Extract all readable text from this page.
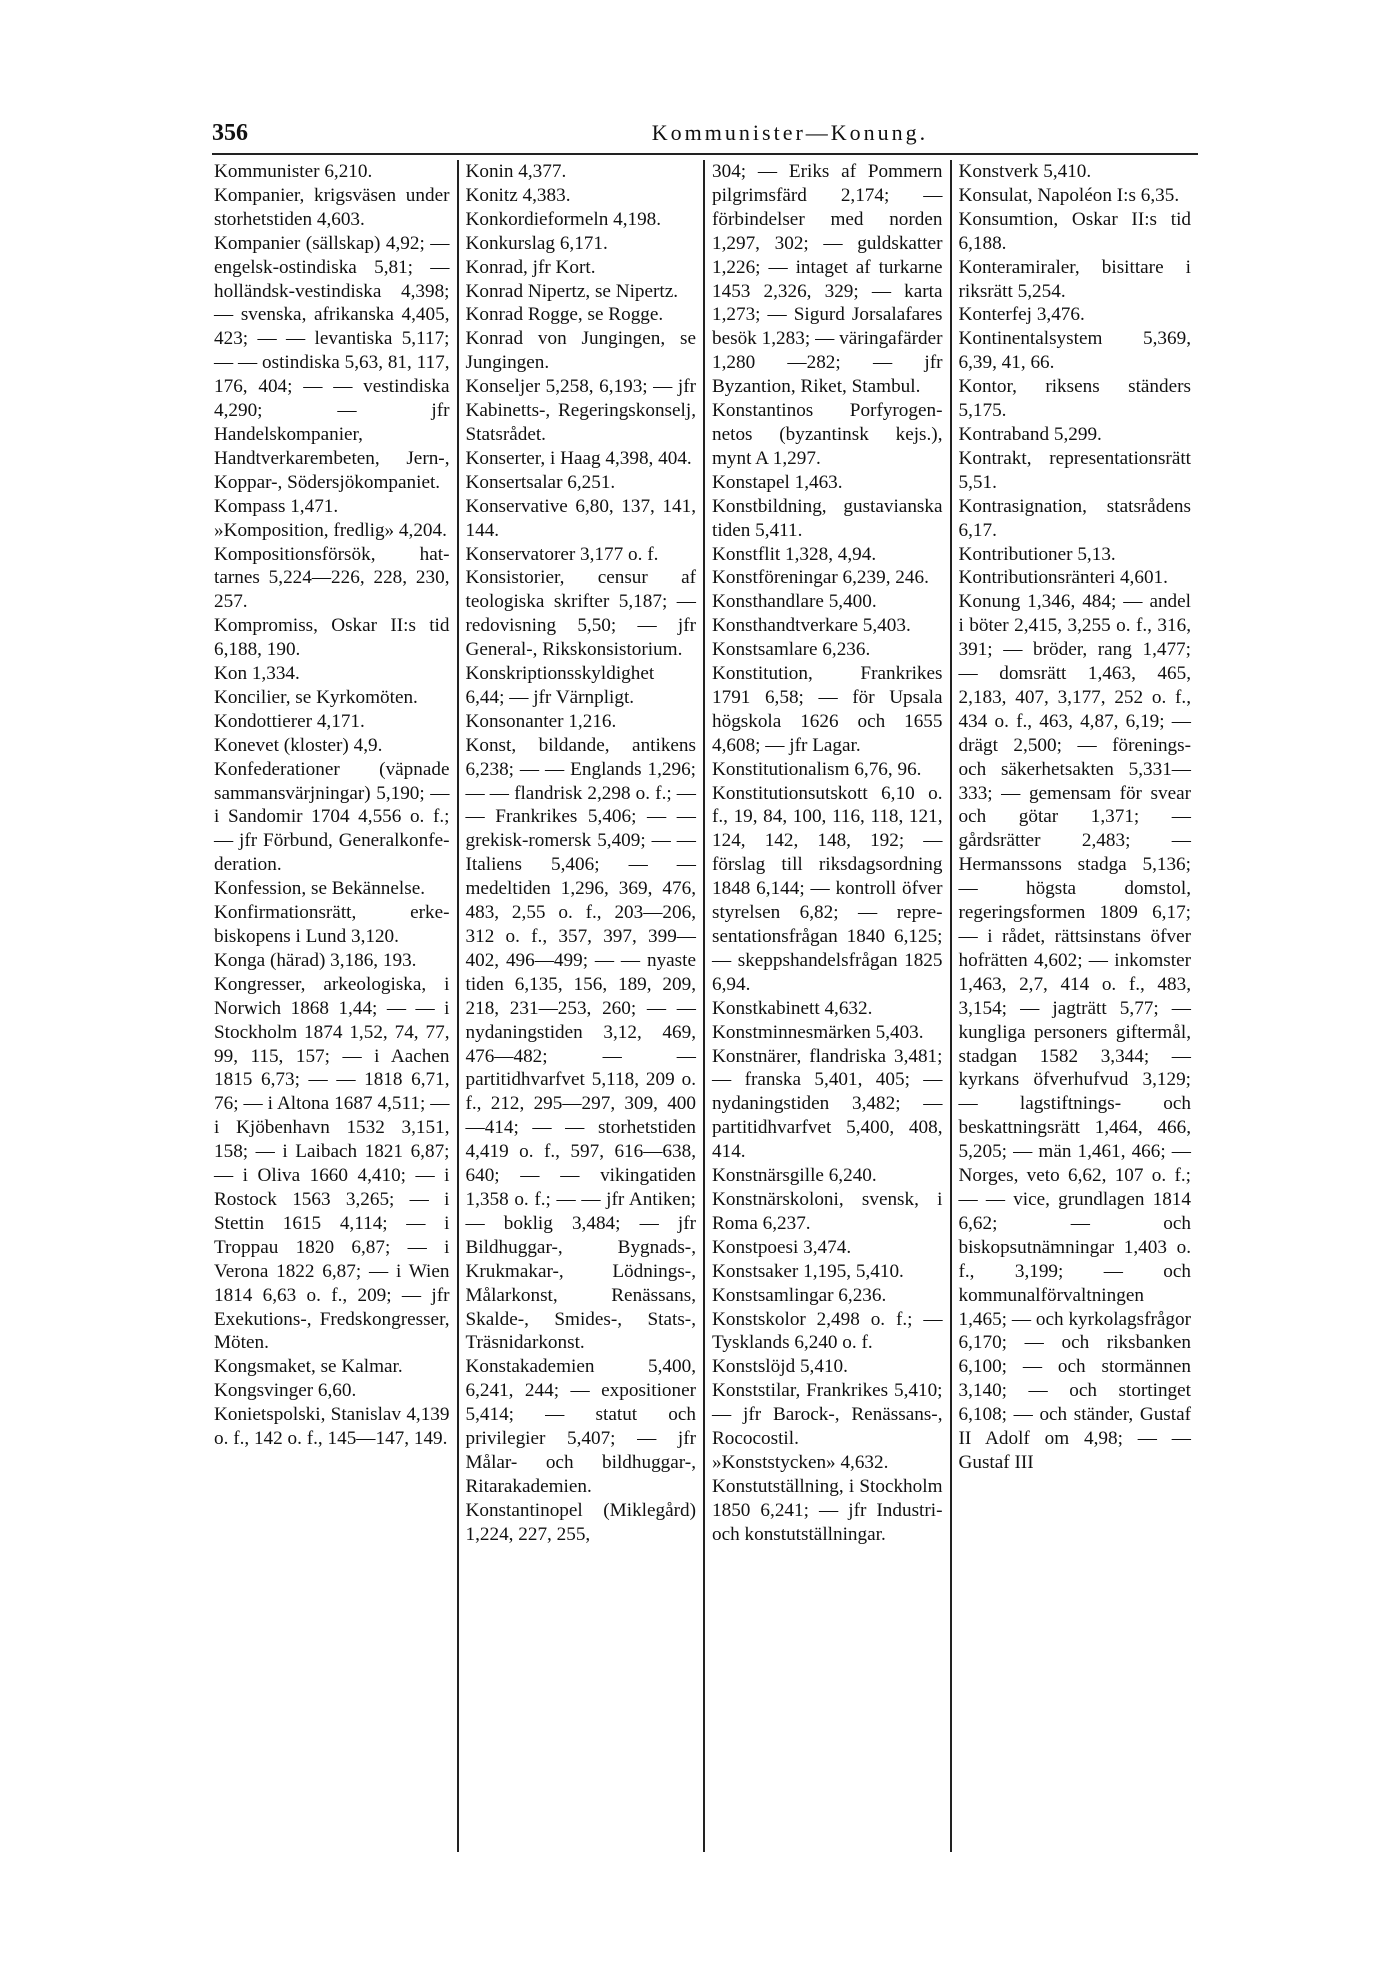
356	Kommunister—Konung.

Kommunister 6,210.

Kompanier, krigsväsen under storhetstiden 4,603.

Kompanier (sällskap) 4,92; — engelsk-ostindiska 5,81; — holländsk-vestindiska 4,398; — svenska, afrikanska 4,405, 423; — — levantiska 5,117; — — ostindiska 5,63, 81, 117, 176, 404; — — vestindiska 4,290; — jfr Handelskompanier, Handtverkarembeten, Jern-, Koppar-, Södersjökompaniet.

Kompass 1,471.

»Komposition, fredlig» 4,204.

Kompositionsförsök, hattarnes 5,224—226, 228, 230, 257.

Kompromiss, Oskar II:s tid 6,188, 190.

Kon 1,334.

Koncilier, se Kyrkomöten.

Kondottierer 4,171.

Konevet (kloster) 4,9.

Konfederationer (väpnade sammansvärjningar) 5,190; — i Sandomir 1704 4,556 o. f.; — jfr Förbund, Generalkonfederation.

Konfession, se Bekännelse.

Konfirmationsrätt, erkebiskopens i Lund 3,120.

Konga (härad) 3,186, 193.

Kongresser, arkeologiska, i Norwich 1868 1,44; — — i Stockholm 1874 1,52, 74, 77, 99, 115, 157; — i Aachen 1815 6,73; — — 1818 6,71, 76; — i Altona 1687 4,511; — i Kjöbenhavn 1532 3,151, 158; — i Laibach 1821 6,87; — i Oliva 1660 4,410; — i Rostock 1563 3,265; — i Stettin 1615 4,114; — i Troppau 1820 6,87; — i Verona 1822 6,87; — i Wien 1814 6,63 o. f., 209; — jfr Exekutions-, Fredskongresser, Möten.

Kongsmaket, se Kalmar.

Kongsvinger 6,60.

Konietspolski, Stanislav 4,139 o. f., 142 o. f., 145—147, 149.

Konin 4,377.

Konitz 4,383.

Konkordieformeln 4,198.

Konkurslag 6,171.

Konrad, jfr Kort.

Konrad Nipertz, se Nipertz.

Konrad Rogge, se Rogge.

Konrad von Jungingen, se Jungingen.

Konseljer 5,258, 6,193; — jfr Kabinetts-, Regeringskonselj, Statsrådet.

Konserter, i Haag 4,398, 404.

Konsertsalar 6,251.

Konservative 6,80, 137, 141, 144.

Konservatorer 3,177 o. f.

Konsistorier, censur af teologiska skrifter 5,187; — redovisning 5,50; — jfr General-, Rikskonsistorium.

Konskriptionsskyldighet 6,44; — jfr Värnpligt.

Konsonanter 1,216.

Konst, bildande, antikens 6,238; — — Englands 1,296; — — flandrisk 2,298 o. f.; — — Frankrikes 5,406; — — grekisk-romersk 5,409; — — Italiens 5,406; — — medeltiden 1,296, 369, 476, 483, 2,55 o. f., 203—206, 312 o. f., 357, 397, 399—402, 496—499; — — nyaste tiden 6,135, 156, 189, 209, 218, 231—253, 260; — — nydaningstiden 3,12, 469, 476—482; — — partitidhvarfvet 5,118, 209 o. f., 212, 295—297, 309, 400—414; — — storhetstiden 4,419 o. f., 597, 616—638, 640; — — vikingatiden 1,358 o. f.; — — jfr Antiken; — boklig 3,484; — jfr Bildhuggar-, Bygnads-, Krukmakar-, Lödnings-, Målarkonst, Renässans, Skalde-, Smides-, Stats-, Träsnidarkonst.

Konstakademien 5,400, 6,241, 244; — expositioner 5,414; — statut och privilegier 5,407; — jfr Målar- och bildhuggar-, Ritarakademien.

Konstantinopel (Miklegård) 1,224, 227, 255,

304; — Eriks af Pommern pilgrimsfärd 2,174; — förbindelser med norden 1,297, 302; — guldskatter 1,226; — intaget af turkarne 1453 2,326, 329; — karta 1,273; — Sigurd Jorsalafares besök 1,283; — väringafärder 1,280 —282; — jfr Byzantion, Riket, Stambul.

Konstantinos Porfyrogennetos (byzantinsk kejs.), mynt A 1,297.

Konstapel 1,463.

Konstbildning, gustavianska tiden 5,411.

Konstflit 1,328, 4,94.

Konstföreningar 6,239, 246.

Konsthandlare 5,400.

Konsthandtverkare 5,403.

Konstsamlare 6,236.

Konstitution, Frankrikes 1791 6,58; — för Upsala högskola 1626 och 1655 4,608; — jfr Lagar.

Konstitutionalism 6,76, 96.

Konstitutionsutskott 6,10 o. f., 19, 84, 100, 116, 118, 121, 124, 142, 148, 192; — förslag till riksdagsordning 1848 6,144; — kontroll öfver styrelsen 6,82; — representationsfrågan 1840 6,125; — skeppshandelsfrågan 1825 6,94.

Konstkabinett 4,632.

Konstminnesmärken 5,403.

Konstnärer, flandriska 3,481; — franska 5,401, 405; — nydaningstiden 3,482; — partitidhvarfvet 5,400, 408, 414.

Konstnärsgille 6,240.

Konstnärskoloni, svensk, i Roma 6,237.

Konstpoesi 3,474.

Konstsaker 1,195, 5,410.

Konstsamlingar 6,236.

Konstskolor 2,498 o. f.; — Tysklands 6,240 o. f.

Konstslöjd 5,410.

Konststilar, Frankrikes 5,410; — jfr Barock-, Renässans-, Rococostil.

»Konststycken» 4,632.

Konstutställning, i Stockholm 1850 6,241; — jfr Industri- och konstutställningar.

Konstverk 5,410.

Konsulat, Napoléon I:s 6,35.

Konsumtion, Oskar II:s tid 6,188.

Konteramiraler, bisittare i riksrätt 5,254.

Konterfej 3,476.

Kontinentalsystem 5,369, 6,39, 41, 66.

Kontor, riksens ständers 5,175.

Kontraband 5,299.

Kontrakt, representationsrätt 5,51.

Kontrasignation, statsrådens 6,17.

Kontributioner 5,13.

Kontributionsränteri 4,601.

Konung 1,346, 484; — andel i böter 2,415, 3,255 o. f., 316, 391; — bröder, rang 1,477; — domsrätt 1,463, 465, 2,183, 407, 3,177, 252 o. f., 434 o. f., 463, 4,87, 6,19; — drägt 2,500; — förenings- och säkerhetsakten 5,331—333; — gemensam för svear och götar 1,371; — gårdsrätter 2,483; — Hermanssons stadga 5,136; — högsta domstol, regeringsformen 1809 6,17; — i rådet, rättsinstans öfver hofrätten 4,602; — inkomster 1,463, 2,7, 414 o. f., 483, 3,154; — jagträtt 5,77; — kungliga personers giftermål, stadgan 1582 3,344; — kyrkans öfverhufvud 3,129; — lagstiftnings- och beskattningsrätt 1,464, 466, 5,205; — män 1,461, 466; — Norges, veto 6,62, 107 o. f.; — — vice, grundlagen 1814 6,62; — och biskopsutnämningar 1,403 o. f., 3,199; — och kommunalförvaltningen 1,465; — och kyrkolagsfrågor 6,170; — och riksbanken 6,100; — och stormännen 3,140; — och stortinget 6,108; — och ständer, Gustaf II Adolf om 4,98; — — Gustaf III
